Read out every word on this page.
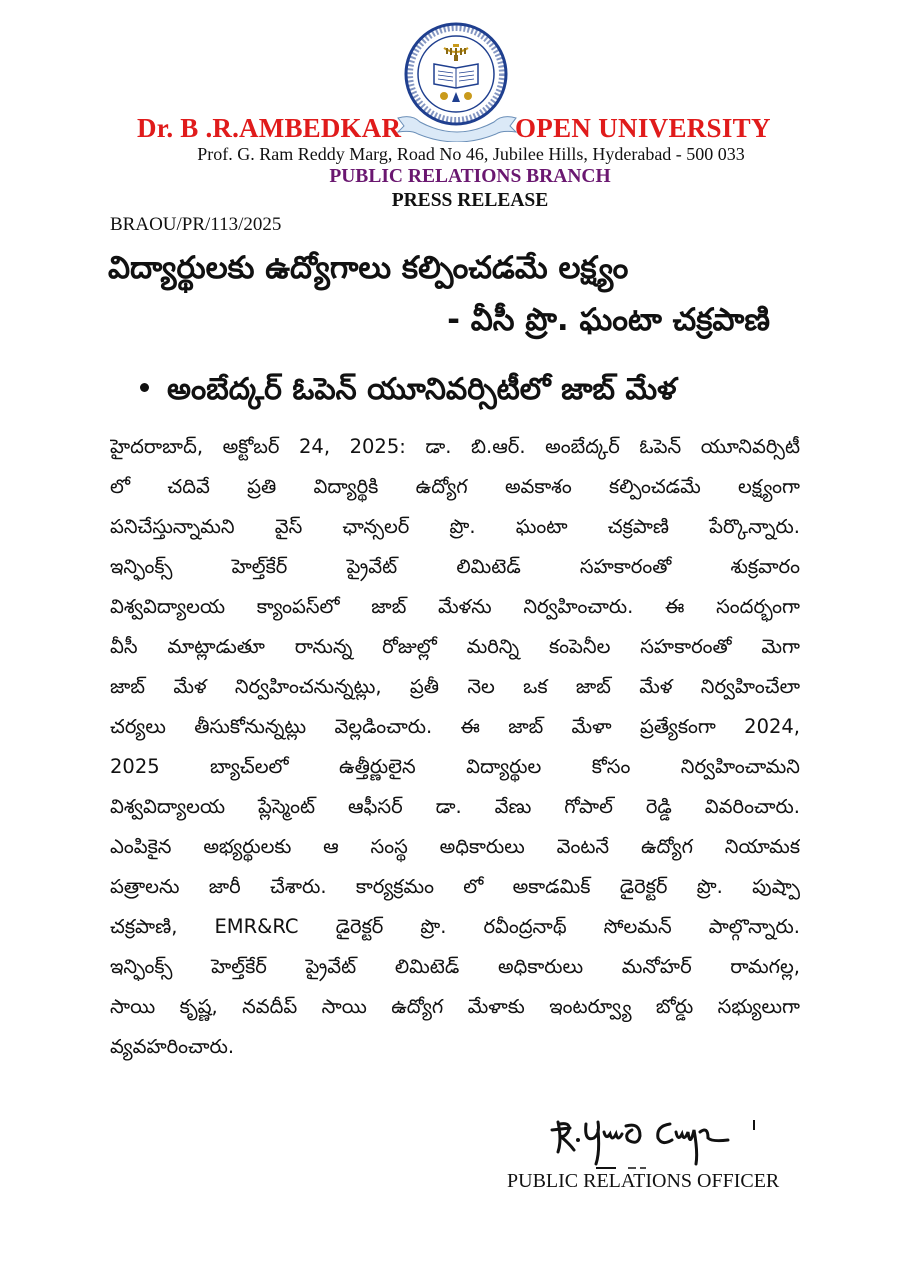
Dr. B .R.AMBEDKAR	OPEN UNIVERSITY
Prof. G. Ram Reddy Marg, Road No 46, Jubilee Hills, Hyderabad - 500 033
PUBLIC RELATIONS BRANCH
PRESS RELEASE
BRAOU/PR/113/2025
విద్యార్థులకు ఉద్యోగాలు కల్పించడమే లక్ష్యం
- వీసీ ప్రొ. ఘంటా చక్రపాణి
అంబేద్కర్ ఓపెన్ యూనివర్సిటీలో జాబ్ మేళ
హైదరాబాద్, అక్టోబర్ 24, 2025: డా. బి.ఆర్. అంబేద్కర్ ఓపెన్ యూనివర్సిటీ
లో చదివే ప్రతి విద్యార్థికి ఉద్యోగ అవకాశం కల్పించడమే లక్ష్యంగా
పనిచేస్తున్నామని వైస్ ఛాన్సలర్ ప్రొ. ఘంటా చక్రపాణి పేర్కొన్నారు.
ఇన్ఫింక్స్ హెల్త్‌కేర్ ప్రైవేట్ లిమిటెడ్ సహకారంతో శుక్రవారం
విశ్వవిద్యాలయ క్యాంపస్‌లో జాబ్ మేళను నిర్వహించారు. ఈ సందర్భంగా
వీసీ మాట్లాడుతూ రానున్న రోజుల్లో మరిన్ని కంపెనీల సహకారంతో మెగా
జాబ్ మేళ నిర్వహించనున్నట్లు, ప్రతీ నెల ఒక జాబ్ మేళ నిర్వహించేలా
చర్యలు తీసుకోనున్నట్లు వెల్లడించారు. ఈ జాబ్ మేళా ప్రత్యేకంగా 2024,
2025 బ్యాచ్‌లలో ఉత్తీర్ణులైన విద్యార్థుల కోసం నిర్వహించామని
విశ్వవిద్యాలయ ప్లేస్మెంట్ ఆఫీసర్ డా. వేణు గోపాల్ రెడ్డి వివరించారు.
ఎంపికైన అభ్యర్థులకు ఆ సంస్థ అధికారులు వెంటనే ఉద్యోగ నియామక
పత్రాలను జారీ చేశారు. కార్యక్రమం లో అకాడమిక్ డైరెక్టర్ ప్రొ. పుష్పా
చక్రపాణి, EMR&RC డైరెక్టర్ ప్రొ. రవీంద్రనాథ్ సోలమన్ పాల్గొన్నారు.
ఇన్ఫింక్స్ హెల్త్‌కేర్ ప్రైవేట్ లిమిటెడ్ అధికారులు మనోహర్ రామగల్ల,
సాయి కృష్ణ, నవదీప్ సాయి ఉద్యోగ మేళాకు ఇంటర్వ్యూ బోర్డు సభ్యులుగా
వ్యవహరించారు.
PUBLIC RELATIONS OFFICER
